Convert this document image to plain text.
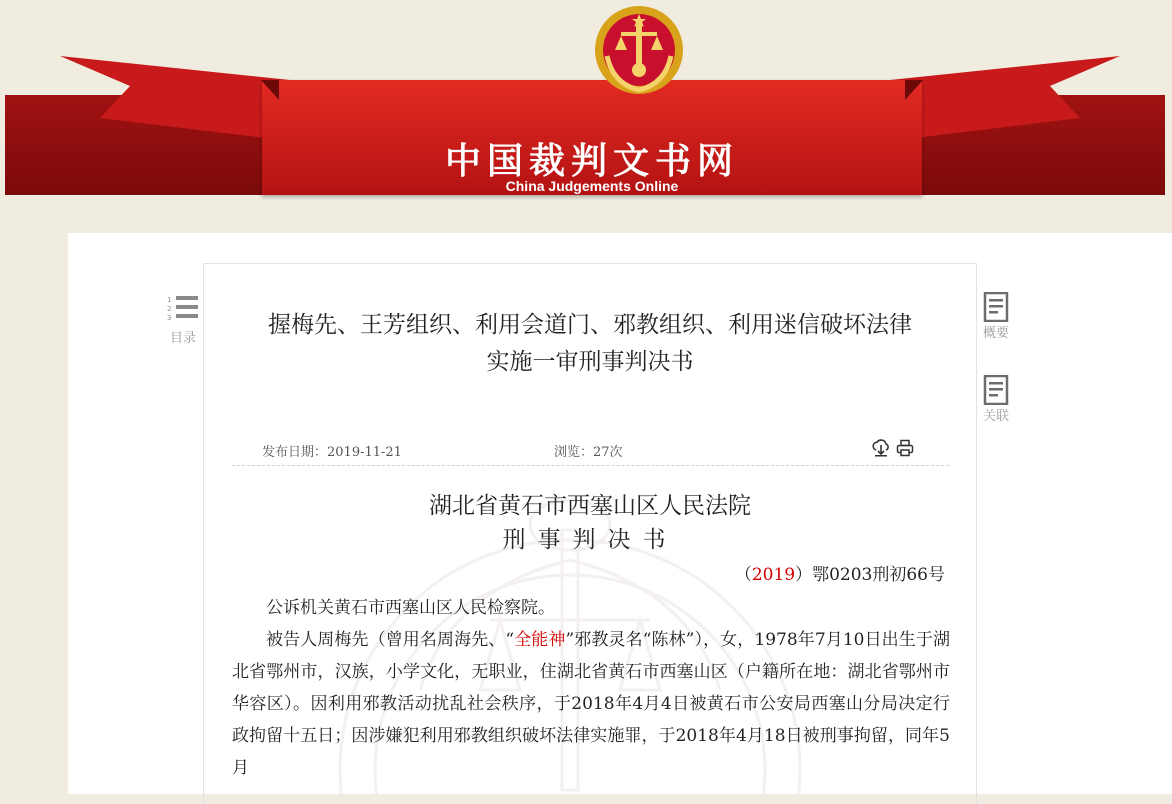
中国裁判文书网
China Judgements Online
1
2
3
目录	概要
关联
握梅先、王芳组织、利用会道门、邪教组织、利用迷信破坏法律
实施一审刑事判决书
发布日期：2019-11-21	浏览：27次

湖北省黄石市西塞山区人民法院
刑事判决书
（2019）鄂0203刑初66号

公诉机关黄石市西塞山区人民检察院。

被告人周梅先（曾用名周海先、“全能神”邪教灵名“陈林”），女，1978年7月10日出生于湖北省鄂州市，汉族，小学文化，无职业，住湖北省黄石市西塞山区（户籍所在地：湖北省鄂州市华容区）。因利用邪教活动扰乱社会秩序，于2018年4月4日被黄石市公安局西塞山分局决定行政拘留十五日；因涉嫌犯利用邪教组织破坏法律实施罪，于2018年4月18日被刑事拘留，同年5月
